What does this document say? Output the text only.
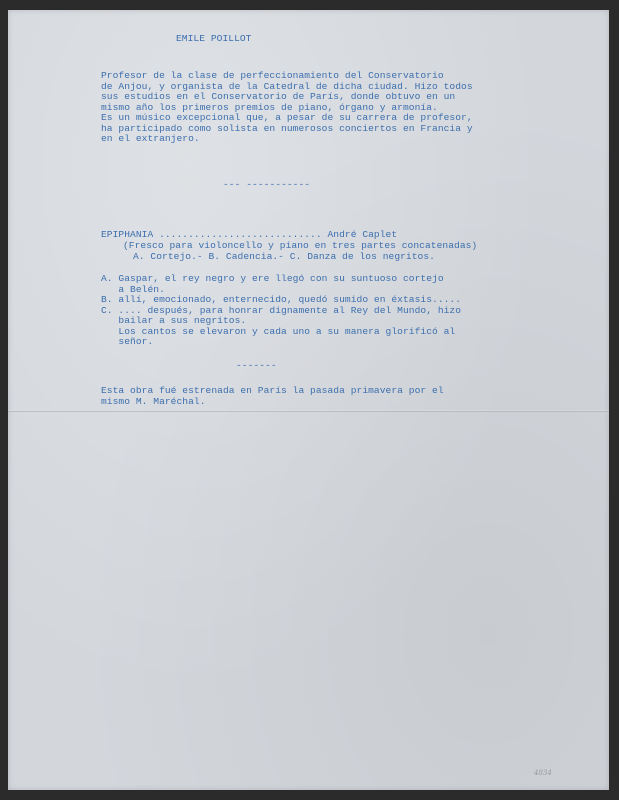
EMILE POILLOT
Profesor de la clase de perfeccionamiento del Conservatorio
de Anjou, y organista de la Catedral de dicha ciudad. Hizo todos
sus estudios en el Conservatorio de París, donde obtuvo en un
mismo año los primeros premios de piano, órgano y armonía.
Es un músico excepcional que, a pesar de su carrera de profesor,
ha participado como solista en numerosos conciertos en Francia y
en el extranjero.
--- -----------
EPIPHANIA ............................ André Caplet
(Fresco para violoncello y piano en tres partes concatenadas)
A. Cortejo.- B. Cadencia.- C. Danza de los negritos.
A. Gaspar, el rey negro y ere llegó con su suntuoso cortejo
a Belén.
B. allí, emocionado, enternecido, quedó sumido en éxtasis.....
C. .... después, para honrar dignamente al Rey del Mundo, hizo
bailar a sus negritos.
Los cantos se elevaron y cada uno a su manera glorificó al
señor.
-------
Esta obra fué estrenada en París la pasada primavera por el
mismo M. Maréchal.
4834
